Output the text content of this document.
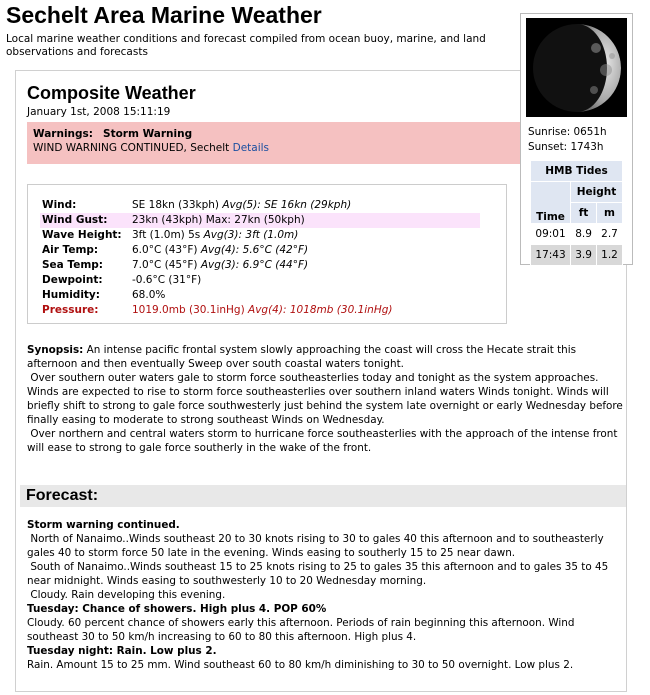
Sechelt Area Marine Weather
Local marine weather conditions and forecast compiled from ocean buoy, marine, and land observations and forecasts
Composite Weather
January 1st, 2008 15:11:19
Warnings: Storm Warning
WIND WARNING CONTINUED, Sechelt Details
Wind:	SE 18kn (33kph) Avg(5): SE 16kn (29kph)
Wind Gust: 23kn (43kph) Max: 27kn (50kph)
Wave Height: 3ft (1.0m) 5s Avg(3): 3ft (1.0m)
Air Temp:	6.0°C (43°F) Avg(4): 5.6°C (42°F)
Sea Temp:	7.0°C (45°F) Avg(3): 6.9°C (44°F)
Dewpoint:	-0.6°C (31°F)
Humidity:	68.0%
Pressure:	1019.0mb (30.1inHg) Avg(4): 1018mb (30.1inHg)

Synopsis: An intense pacific frontal system slowly approaching the coast will cross the Hecate strait this afternoon and then eventually Sweep over south coastal waters tonight.

Over southern outer waters gale to storm force southeasterlies today and tonight as the system approaches. Winds are expected to rise to storm force southeasterlies over southern inland waters Winds tonight. Winds will briefly shift to strong to gale force southwesterly just behind the system late overnight or early Wednesday before finally easing to moderate to strong southeast Winds on Wednesday.

Over northern and central waters storm to hurricane force southeasterlies with the approach of the intense front will ease to strong to gale force southerly in the wake of the front.

Forecast:

Storm warning continued.

North of Nanaimo..Winds southeast 20 to 30 knots rising to 30 to gales 40 this afternoon and to southeasterly gales 40 to storm force 50 late in the evening. Winds easing to southerly 15 to 25 near dawn.

South of Nanaimo..Winds southeast 15 to 25 knots rising to 25 to gales 35 this afternoon and to gales 35 to 45 near midnight. Winds easing to southwesterly 10 to 20 Wednesday morning.

Cloudy. Rain developing this evening.

Tuesday: Chance of showers. High plus 4. POP 60%

Cloudy. 60 percent chance of showers early this afternoon. Periods of rain beginning this afternoon. Wind southeast 30 to 50 km/h increasing to 60 to 80 this afternoon. High plus 4.

Tuesday night: Rain. Low plus 2.

Rain. Amount 15 to 25 mm. Wind southeast 60 to 80 km/h diminishing to 30 to 50 overnight. Low plus 2.

Sunrise: 0651h
Sunset: 1743h
HMB Tides		
Time	Height	
	ft	m
09:01	8.9	2.7
17:43	3.9	1.2
